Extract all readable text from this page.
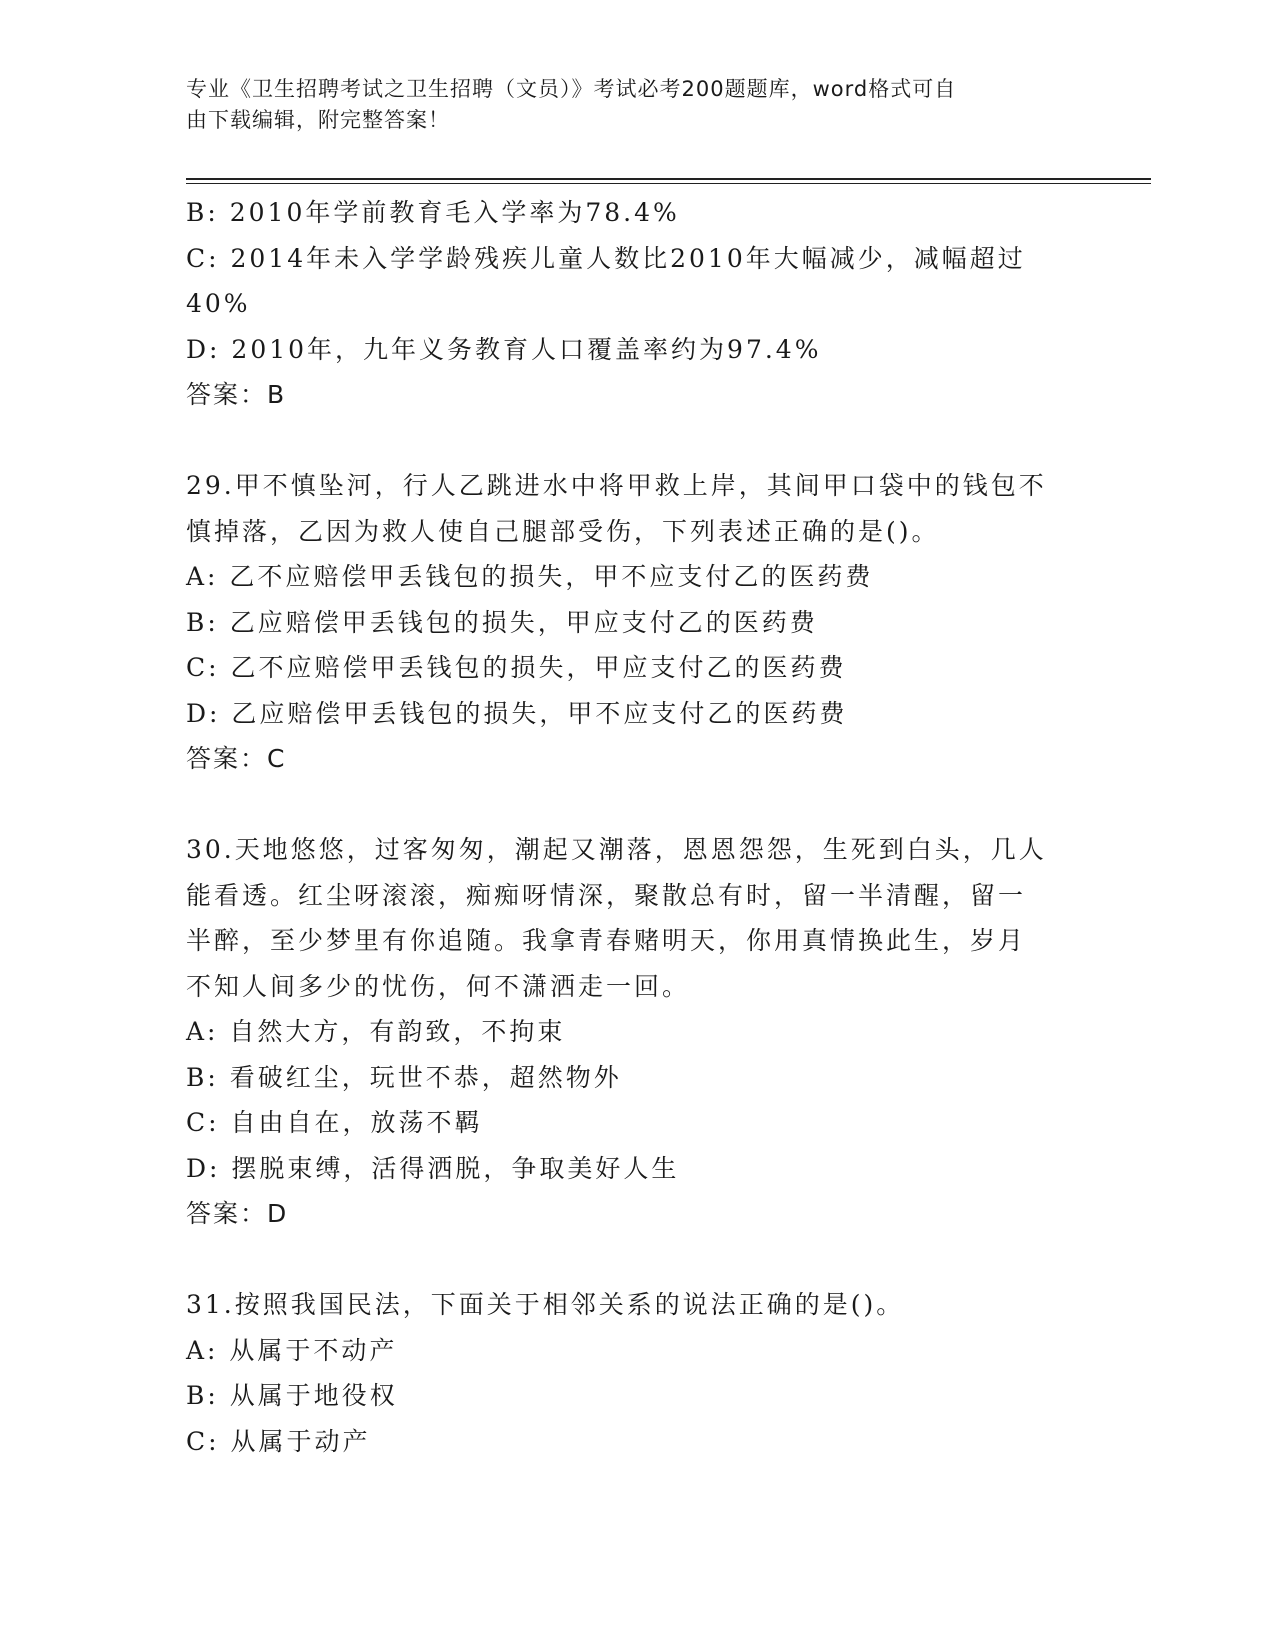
专业《卫生招聘考试之卫生招聘（文员）》考试必考200题题库，word格式可自
由下载编辑，附完整答案！
B: 2010年学前教育毛入学率为78.4%
C: 2014年未入学学龄残疾儿童人数比2010年大幅减少，减幅超过
40%
D: 2010年，九年义务教育人口覆盖率约为97.4%
答案：B
29.甲不慎坠河，行人乙跳进水中将甲救上岸，其间甲口袋中的钱包不
慎掉落，乙因为救人使自己腿部受伤，下列表述正确的是()。
A: 乙不应赔偿甲丢钱包的损失，甲不应支付乙的医药费
B: 乙应赔偿甲丢钱包的损失，甲应支付乙的医药费
C: 乙不应赔偿甲丢钱包的损失，甲应支付乙的医药费
D: 乙应赔偿甲丢钱包的损失，甲不应支付乙的医药费
答案：C
30.天地悠悠，过客匆匆，潮起又潮落，恩恩怨怨，生死到白头，几人
能看透。红尘呀滚滚，痴痴呀情深，聚散总有时，留一半清醒，留一
半醉，至少梦里有你追随。我拿青春赌明天，你用真情换此生，岁月
不知人间多少的忧伤，何不潇洒走一回。
A: 自然大方，有韵致，不拘束
B: 看破红尘，玩世不恭，超然物外
C: 自由自在，放荡不羁
D: 摆脱束缚，活得洒脱，争取美好人生
答案：D
31.按照我国民法，下面关于相邻关系的说法正确的是()。
A: 从属于不动产
B: 从属于地役权
C: 从属于动产
